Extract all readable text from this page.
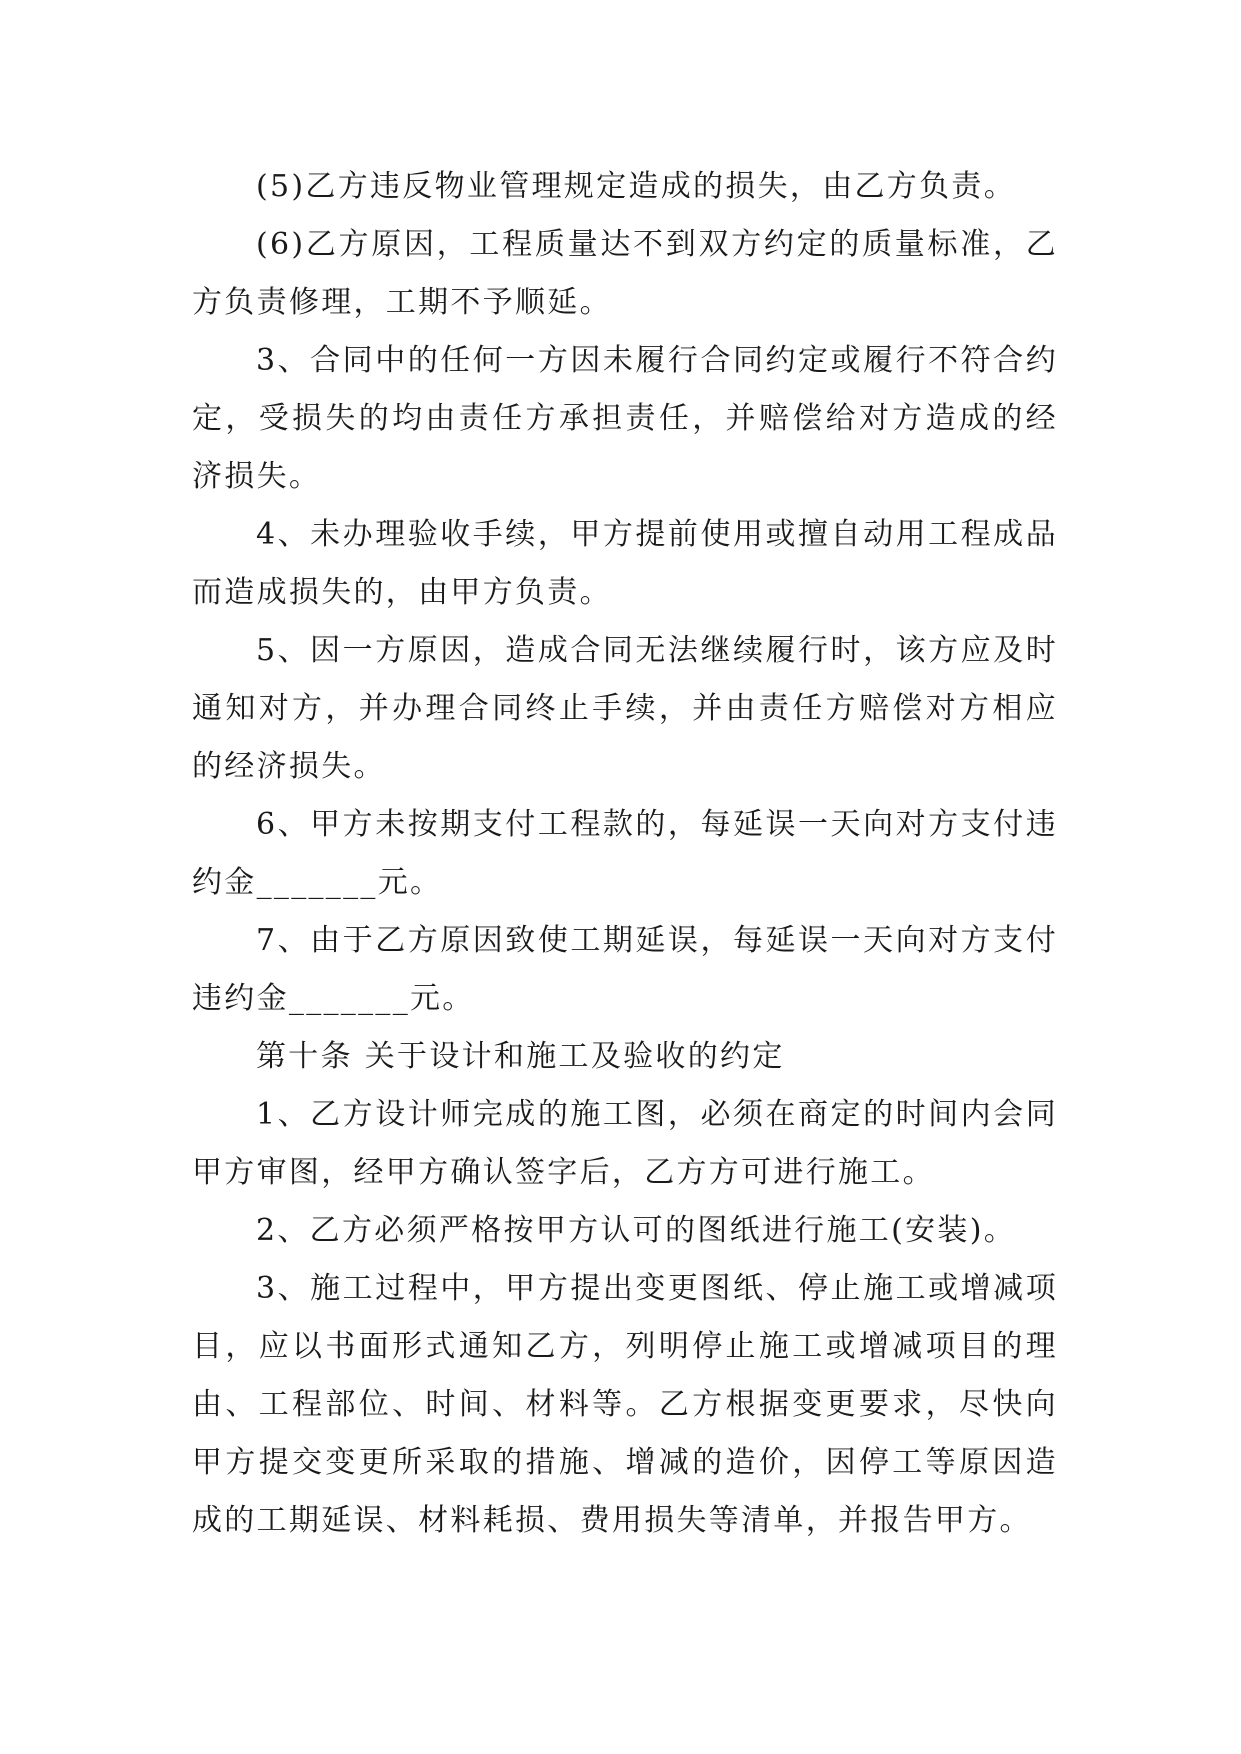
(5)乙方违反物业管理规定造成的损失，由乙方负责。

(6)乙方原因，工程质量达不到双方约定的质量标准，乙方负责修理，工期不予顺延。

3、合同中的任何一方因未履行合同约定或履行不符合约定，受损失的均由责任方承担责任，并赔偿给对方造成的经济损失。

4、未办理验收手续，甲方提前使用或擅自动用工程成品而造成损失的，由甲方负责。

5、因一方原因，造成合同无法继续履行时，该方应及时通知对方，并办理合同终止手续，并由责任方赔偿对方相应的经济损失。

6、甲方未按期支付工程款的，每延误一天向对方支付违约金_______元。

7、由于乙方原因致使工期延误，每延误一天向对方支付违约金_______元。

第十条 关于设计和施工及验收的约定

1、乙方设计师完成的施工图，必须在商定的时间内会同甲方审图，经甲方确认签字后，乙方方可进行施工。

2、乙方必须严格按甲方认可的图纸进行施工(安装)。

3、施工过程中，甲方提出变更图纸、停止施工或增减项目，应以书面形式通知乙方，列明停止施工或增减项目的理由、工程部位、时间、材料等。乙方根据变更要求，尽快向甲方提交变更所采取的措施、增减的造价，因停工等原因造成的工期延误、材料耗损、费用损失等清单，并报告甲方。
